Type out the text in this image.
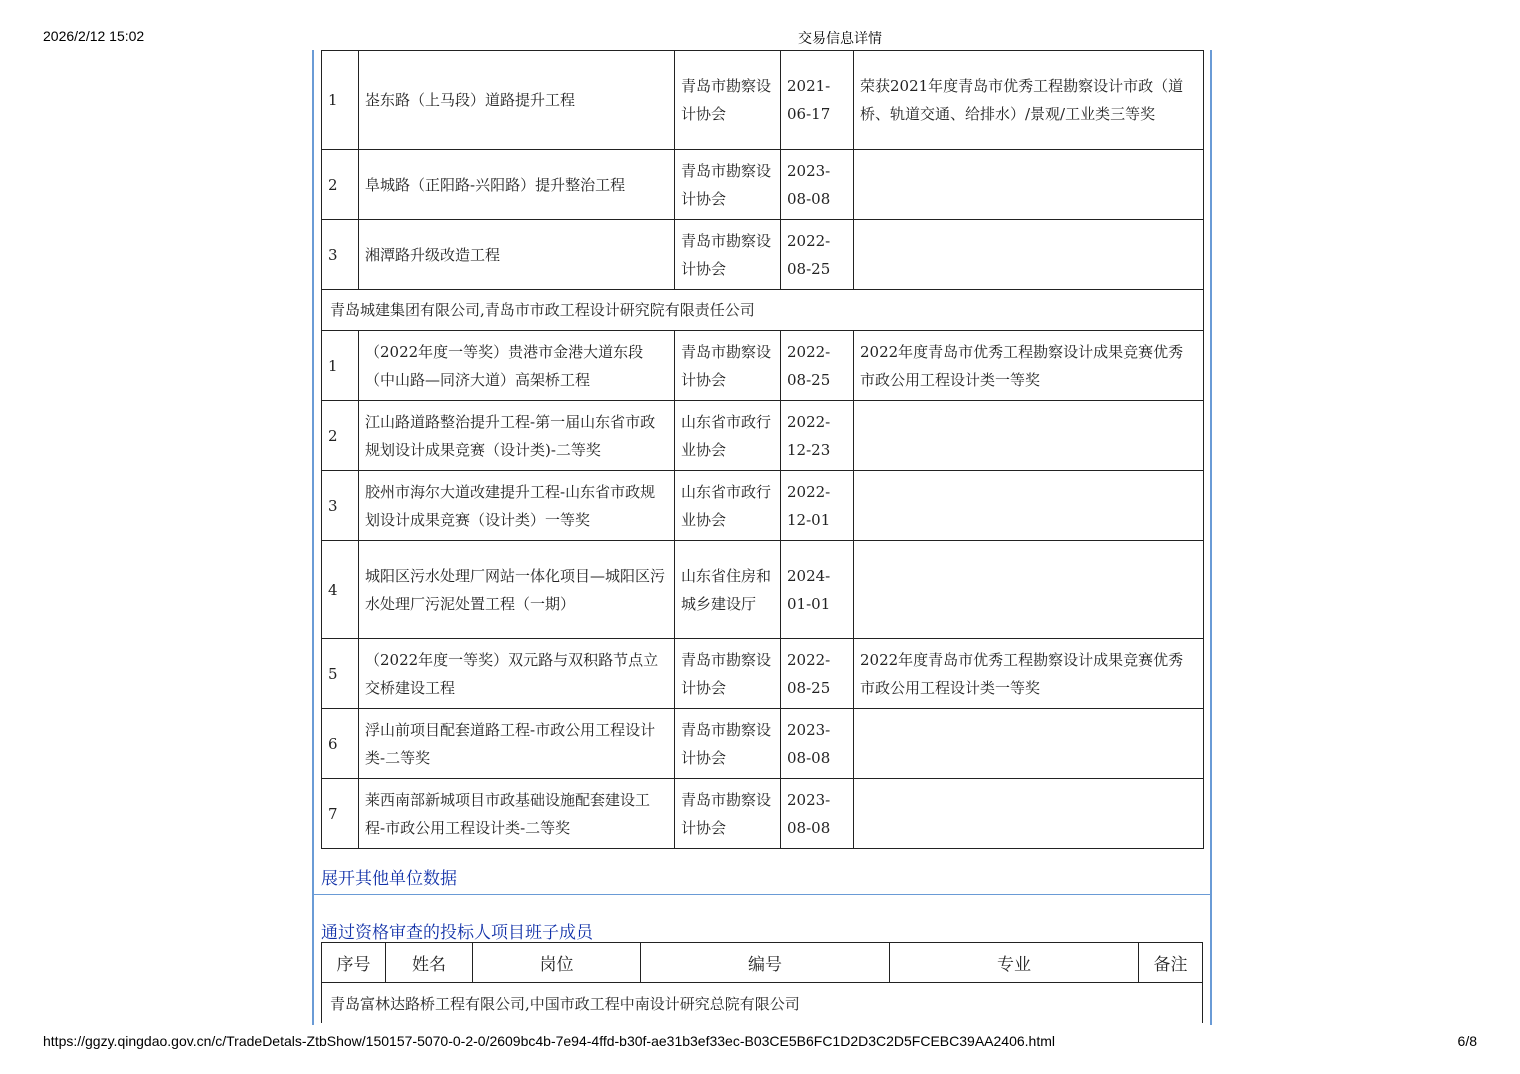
2026/2/12 15:02	交易信息详情
1	峜东路（上马段）道路提升工程	青岛市勘察设计协会	2021-06-17	荣获2021年度青岛市优秀工程勘察设计市政（道桥、轨道交通、给排水）/景观/工业类三等奖
2	阜城路（正阳路-兴阳路）提升整治工程	青岛市勘察设计协会	2023-08-08	
3	湘潭路升级改造工程	青岛市勘察设计协会	2022-08-25	
青岛城建集团有限公司,青岛市市政工程设计研究院有限责任公司				
1	（2022年度一等奖）贵港市金港大道东段（中山路—同济大道）高架桥工程	青岛市勘察设计协会	2022-08-25	2022年度青岛市优秀工程勘察设计成果竞赛优秀市政公用工程设计类一等奖
2	江山路道路整治提升工程-第一届山东省市政规划设计成果竞赛（设计类)-二等奖	山东省市政行业协会	2022-12-23	
3	胶州市海尔大道改建提升工程-山东省市政规划设计成果竞赛（设计类）一等奖	山东省市政行业协会	2022-12-01	
4	城阳区污水处理厂网站一体化项目—城阳区污水处理厂污泥处置工程（一期）	山东省住房和城乡建设厅	2024-01-01	
5	（2022年度一等奖）双元路与双积路节点立交桥建设工程	青岛市勘察设计协会	2022-08-25	2022年度青岛市优秀工程勘察设计成果竞赛优秀市政公用工程设计类一等奖
6	浮山前项目配套道路工程-市政公用工程设计类-二等奖	青岛市勘察设计协会	2023-08-08	
7	莱西南部新城项目市政基础设施配套建设工程-市政公用工程设计类-二等奖	青岛市勘察设计协会	2023-08-08	
展开其他单位数据
通过资格审查的投标人项目班子成员
序号	姓名	岗位	编号	专业	备注
青岛富林达路桥工程有限公司,中国市政工程中南设计研究总院有限公司
https://ggzy.qingdao.gov.cn/c/TradeDetals-ZtbShow/150157-5070-0-2-0/2609bc4b-7e94-4ffd-b30f-ae31b3ef33ec-B03CE5B6FC1D2D3C2D5FCEBC39AA2406.html	6/8
